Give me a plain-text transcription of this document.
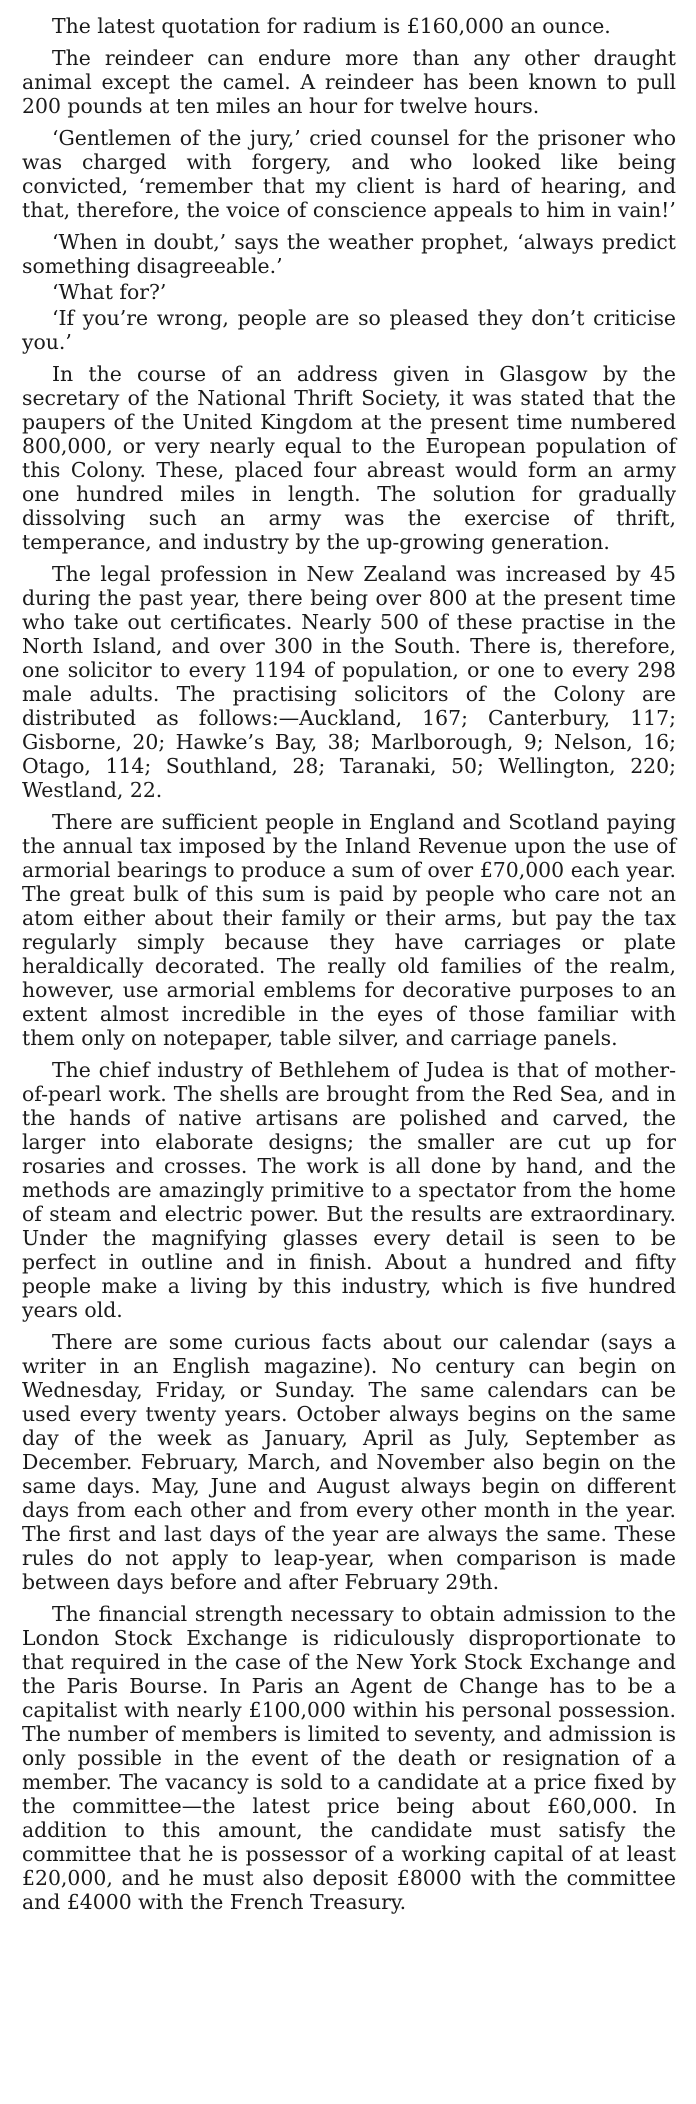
The latest quotation for radium is £160,000 an ounce.

The reindeer can endure more than any other draught animal except the camel. A reindeer has been known to pull 200 pounds at ten miles an hour for twelve hours.

‘Gentlemen of the jury,’ cried counsel for the prisoner who was charged with forgery, and who looked like being convicted, ‘remember that my client is hard of hearing, and that, therefore, the voice of conscience appeals to him in vain!’

‘When in doubt,’ says the weather prophet, ‘always predict something disagreeable.’

‘What for?’

‘If you’re wrong, people are so pleased they don’t criticise you.’

In the course of an address given in Glasgow by the secretary of the National Thrift Society, it was stated that the paupers of the United Kingdom at the present time numbered 800,000, or very nearly equal to the European population of this Colony. These, placed four abreast would form an army one hundred miles in length. The solution for gradually dissolving such an army was the exercise of thrift, temperance, and industry by the up-growing generation.

The legal profession in New Zealand was increased by 45 during the past year, there being over 800 at the present time who take out certificates. Nearly 500 of these practise in the North Island, and over 300 in the South. There is, therefore, one solicitor to every 1194 of population, or one to every 298 male adults. The practising solicitors of the Colony are distributed as follows:—Auckland, 167; Canterbury, 117; Gisborne, 20; Hawke’s Bay, 38; Marlborough, 9; Nelson, 16; Otago, 114; Southland, 28; Taranaki, 50; Wellington, 220; Westland, 22.

There are sufficient people in England and Scotland paying the annual tax imposed by the Inland Revenue upon the use of armorial bearings to produce a sum of over £70,000 each year. The great bulk of this sum is paid by people who care not an atom either about their family or their arms, but pay the tax regularly simply because they have carriages or plate heraldically decorated. The really old families of the realm, however, use armorial emblems for decorative purposes to an extent almost incredible in the eyes of those familiar with them only on notepaper, table silver, and carriage panels.

The chief industry of Bethlehem of Judea is that of mother-of-pearl work. The shells are brought from the Red Sea, and in the hands of native artisans are polished and carved, the larger into elaborate designs; the smaller are cut up for rosaries and crosses. The work is all done by hand, and the methods are amazingly primitive to a spectator from the home of steam and electric power. But the results are extraordinary. Under the magnifying glasses every detail is seen to be perfect in outline and in finish. About a hundred and fifty people make a living by this industry, which is five hundred years old.

There are some curious facts about our calendar (says a writer in an English magazine). No century can begin on Wednesday, Friday, or Sunday. The same calendars can be used every twenty years. October always begins on the same day of the week as January, April as July, September as December. February, March, and November also begin on the same days. May, June and August always begin on different days from each other and from every other month in the year. The first and last days of the year are always the same. These rules do not apply to leap-year, when comparison is made between days before and after February 29th.

The financial strength necessary to obtain admission to the London Stock Exchange is ridiculously disproportionate to that required in the case of the New York Stock Exchange and the Paris Bourse. In Paris an Agent de Change has to be a capitalist with nearly £100,000 within his personal possession. The number of members is limited to seventy, and admission is only possible in the event of the death or resignation of a member. The vacancy is sold to a candidate at a price fixed by the committee—the latest price being about £60,000. In addition to this amount, the candidate must satisfy the committee that he is possessor of a working capital of at least £20,000, and he must also deposit £8000 with the committee and £4000 with the French Treasury.
